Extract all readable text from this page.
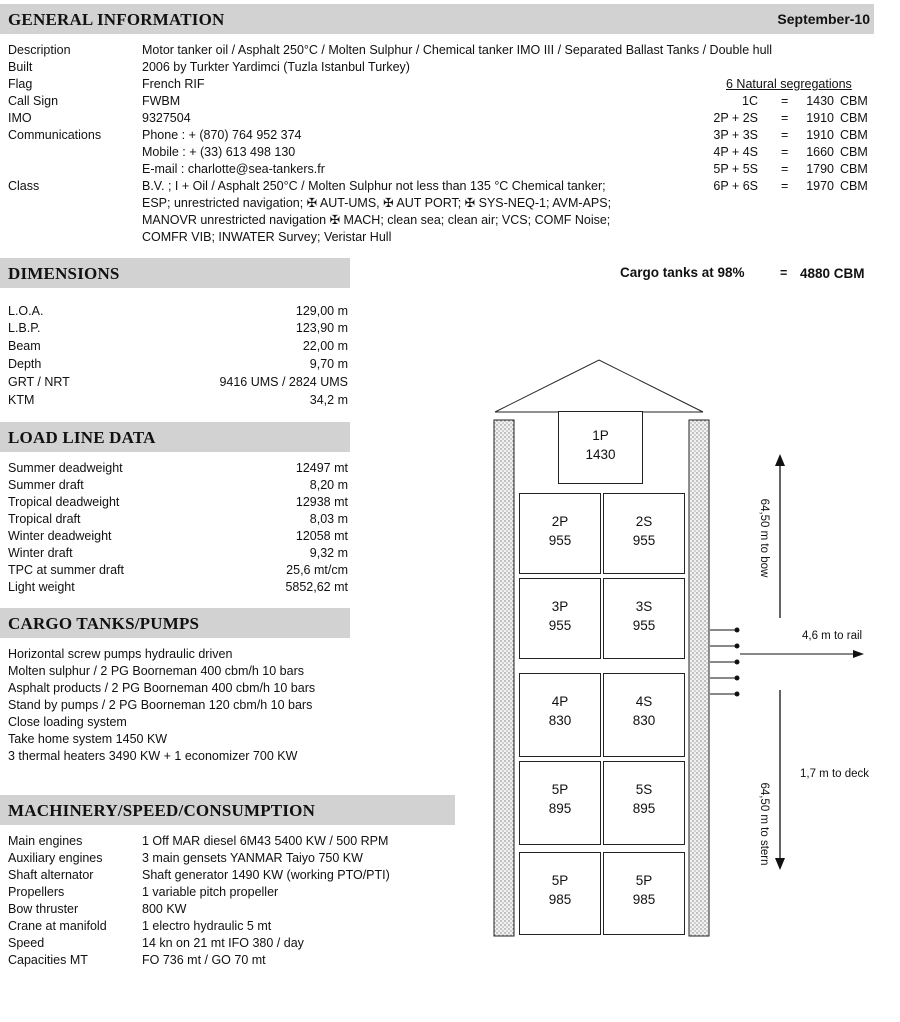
GENERAL INFORMATION	September-10
Description	Motor tanker oil / Asphalt 250°C / Molten Sulphur / Chemical tanker IMO III / Separated Ballast Tanks / Double hull
Built	2006 by Turkter Yardimci (Tuzla Istanbul Turkey)
Flag	French RIF
Call Sign	FWBM
IMO	9327504
Communications	Phone : + (870) 764 952 374
Mobile : + (33) 613 498 130
E-mail : charlotte@sea-tankers.fr
Class	B.V. ; I + Oil / Asphalt 250°C / Molten Sulphur not less than 135 °C Chemical tanker;
ESP; unrestricted navigation; ✠ AUT-UMS, ✠ AUT PORT; ✠ SYS-NEQ-1; AVM-APS;
MANOVR unrestricted navigation ✠ MACH; clean sea; clean air; VCS; COMF Noise;
COMFR VIB; INWATER Survey; Veristar Hull
6 Natural segregations
1C =	1430 CBM
2P + 2S =	1910 CBM
3P + 3S =	1910 CBM
4P + 4S =	1660 CBM
5P + 5S =	1790 CBM
6P + 6S =	1970 CBM
Cargo tanks at 98%	= 4880 CBM
DIMENSIONS
L.O.A.	129,00 m
L.B.P.	123,90 m
Beam	22,00 m
Depth	9,70 m
GRT / NRT	9416 UMS / 2824 UMS
KTM	34,2 m
LOAD LINE DATA
Summer deadweight	12497 mt
Summer draft	8,20 m
Tropical deadweight	12938 mt
Tropical draft	8,03 m
Winter deadweight	12058 mt
Winter draft	9,32 m
TPC at summer draft	25,6 mt/cm
Light weight	5852,62 mt
CARGO TANKS/PUMPS
Horizontal screw pumps hydraulic driven
Molten sulphur / 2 PG Boorneman 400 cbm/h 10 bars
Asphalt products / 2 PG Boorneman 400 cbm/h 10 bars
Stand by pumps / 2 PG Boorneman 120 cbm/h 10 bars
Close loading system
Take home system 1450 KW
3 thermal heaters 3490 KW + 1 economizer 700 KW
MACHINERY/SPEED/CONSUMPTION
Main engines	1 Off MAR diesel 6M43 5400 KW / 500 RPM
Auxiliary engines	3 main gensets YANMAR Taiyo 750 KW
Shaft alternator	Shaft generator 1490 KW (working PTO/PTI)
Propellers	1 variable pitch propeller
Bow thruster	800 KW
Crane at manifold	1 electro hydraulic 5 mt
Speed	14 kn on 21 mt IFO 380 / day
Capacities MT	FO 736 mt / GO 70 mt
1P
1430
2P
955
2S
955
3P
955
3S
955
4P
830
4S
830
5P
895
5S
895
5P
985
5P
985
64,50 m to bow
64,50 m to stern
4,6 m to rail
1,7 m to deck
